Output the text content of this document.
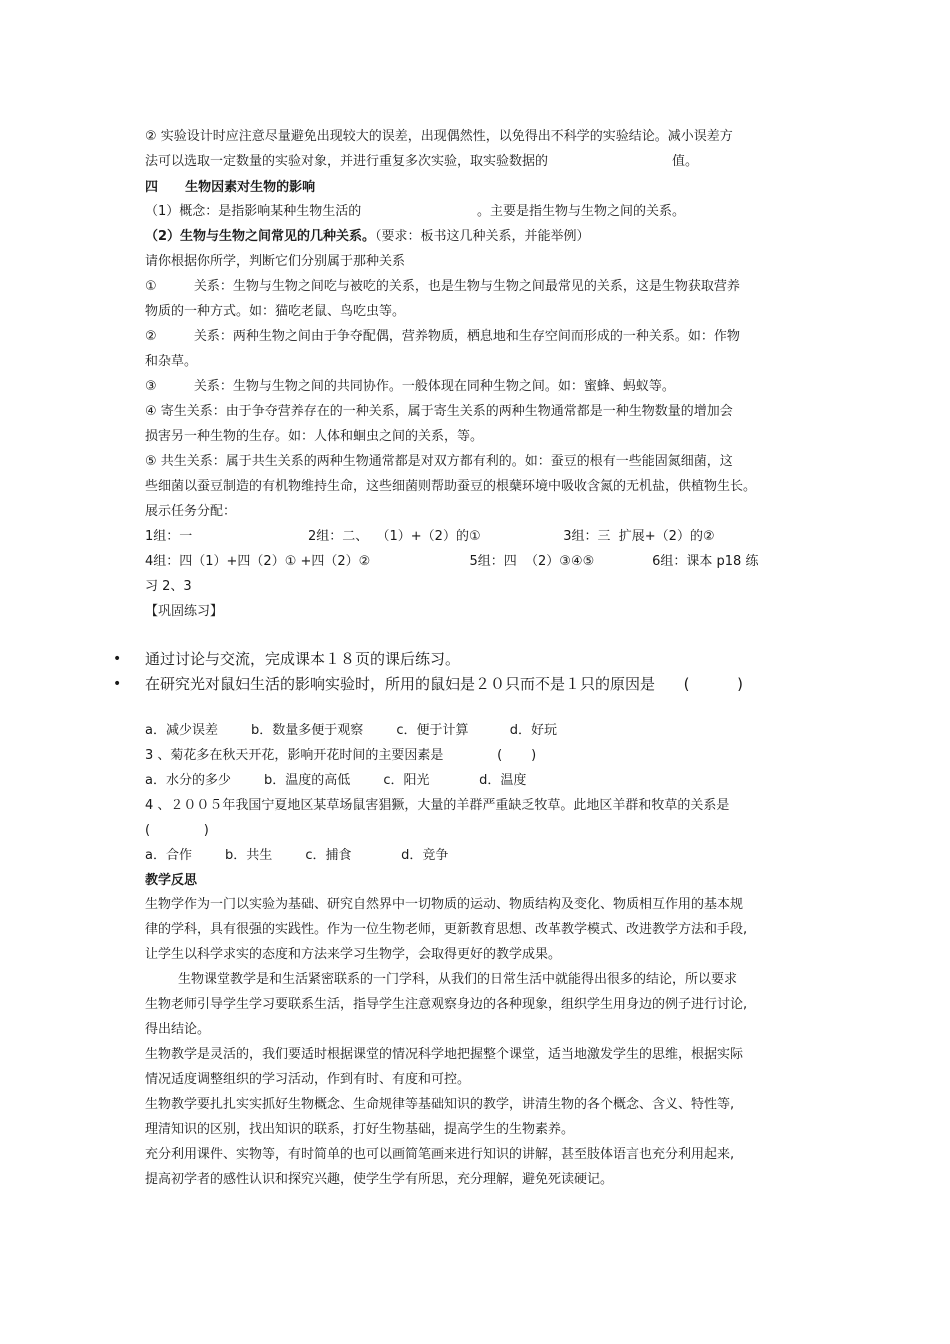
② 实验设计时应注意尽量避免出现较大的误差，出现偶然性，以免得出不科学的实验结论。减小误差方
法可以选取一定数量的实验对象，并进行重复多次实验，取实验数据的                              值。
四      生物因素对生物的影响
（1）概念：是指影响某种生物生活的                            。主要是指生物与生物之间的关系。
（2）生物与生物之间常见的几种关系。（要求：板书这几种关系，并能举例）
请你根据你所学，判断它们分别属于那种关系
①         关系：生物与生物之间吃与被吃的关系，也是生物与生物之间最常见的关系，这是生物获取营养
物质的一种方式。如：猫吃老鼠、鸟吃虫等。
②         关系：两种生物之间由于争夺配偶，营养物质，栖息地和生存空间而形成的一种关系。如：作物
和杂草。
③         关系：生物与生物之间的共同协作。一般体现在同种生物之间。如：蜜蜂、蚂蚁等。
④ 寄生关系：由于争夺营养存在的一种关系，属于寄生关系的两种生物通常都是一种生物数量的增加会
损害另一种生物的生存。如：人体和蛔虫之间的关系，等。
⑤ 共生关系：属于共生关系的两种生物通常都是对双方都有利的。如：蚕豆的根有一些能固氮细菌，这
些细菌以蚕豆制造的有机物维持生命，这些细菌则帮助蚕豆的根蘖环境中吸收含氮的无机盐，供植物生长。
展示任务分配：
1组：一                            2组：二、  （1）+（2）的①                    3组：三  扩展+（2）的②
4组：四（1）+四（2）① +四（2）②                        5组：四  （2）③④⑤              6组：课本 p18 练
习 2、3
【巩固练习】
• 通过讨论与交流，完成课本１８页的课后练习。
• 在研究光对鼠妇生活的影响实验时，所用的鼠妇是２０只而不是１只的原因是      (          )
a．减少误差        b．数量多便于观察        c．便于计算          d．好玩
3 、菊花多在秋天开花，影响开花时间的主要因素是             (       )
a．水分的多少        b．温度的高低        c．阳光            d．温度
4 、２００５年我国宁夏地区某草场鼠害猖獗，大量的羊群严重缺乏牧草。此地区羊群和牧草的关系是
(             )
a．合作        b．共生        c．捕食            d．竞争
教学反思
生物学作为一门以实验为基础、研究自然界中一切物质的运动、物质结构及变化、物质相互作用的基本规
律的学科，具有很强的实践性。作为一位生物老师，更新教育思想、改革教学模式、改进教学方法和手段,
让学生以科学求实的态度和方法来学习生物学，会取得更好的教学成果。
生物课堂教学是和生活紧密联系的一门学科，从我们的日常生活中就能得出很多的结论，所以要求
生物老师引导学生学习要联系生活，指导学生注意观察身边的各种现象，组织学生用身边的例子进行讨论,
得出结论。
生物教学是灵活的，我们要适时根据课堂的情况科学地把握整个课堂，适当地激发学生的思维，根据实际
情况适度调整组织的学习活动，作到有时、有度和可控。
生物教学要扎扎实实抓好生物概念、生命规律等基础知识的教学，讲清生物的各个概念、含义、特性等,
理清知识的区别，找出知识的联系，打好生物基础，提高学生的生物素养。
充分利用课件、实物等，有时简单的也可以画简笔画来进行知识的讲解，甚至肢体语言也充分利用起来,
提高初学者的感性认识和探究兴趣，使学生学有所思，充分理解，避免死读硬记。
